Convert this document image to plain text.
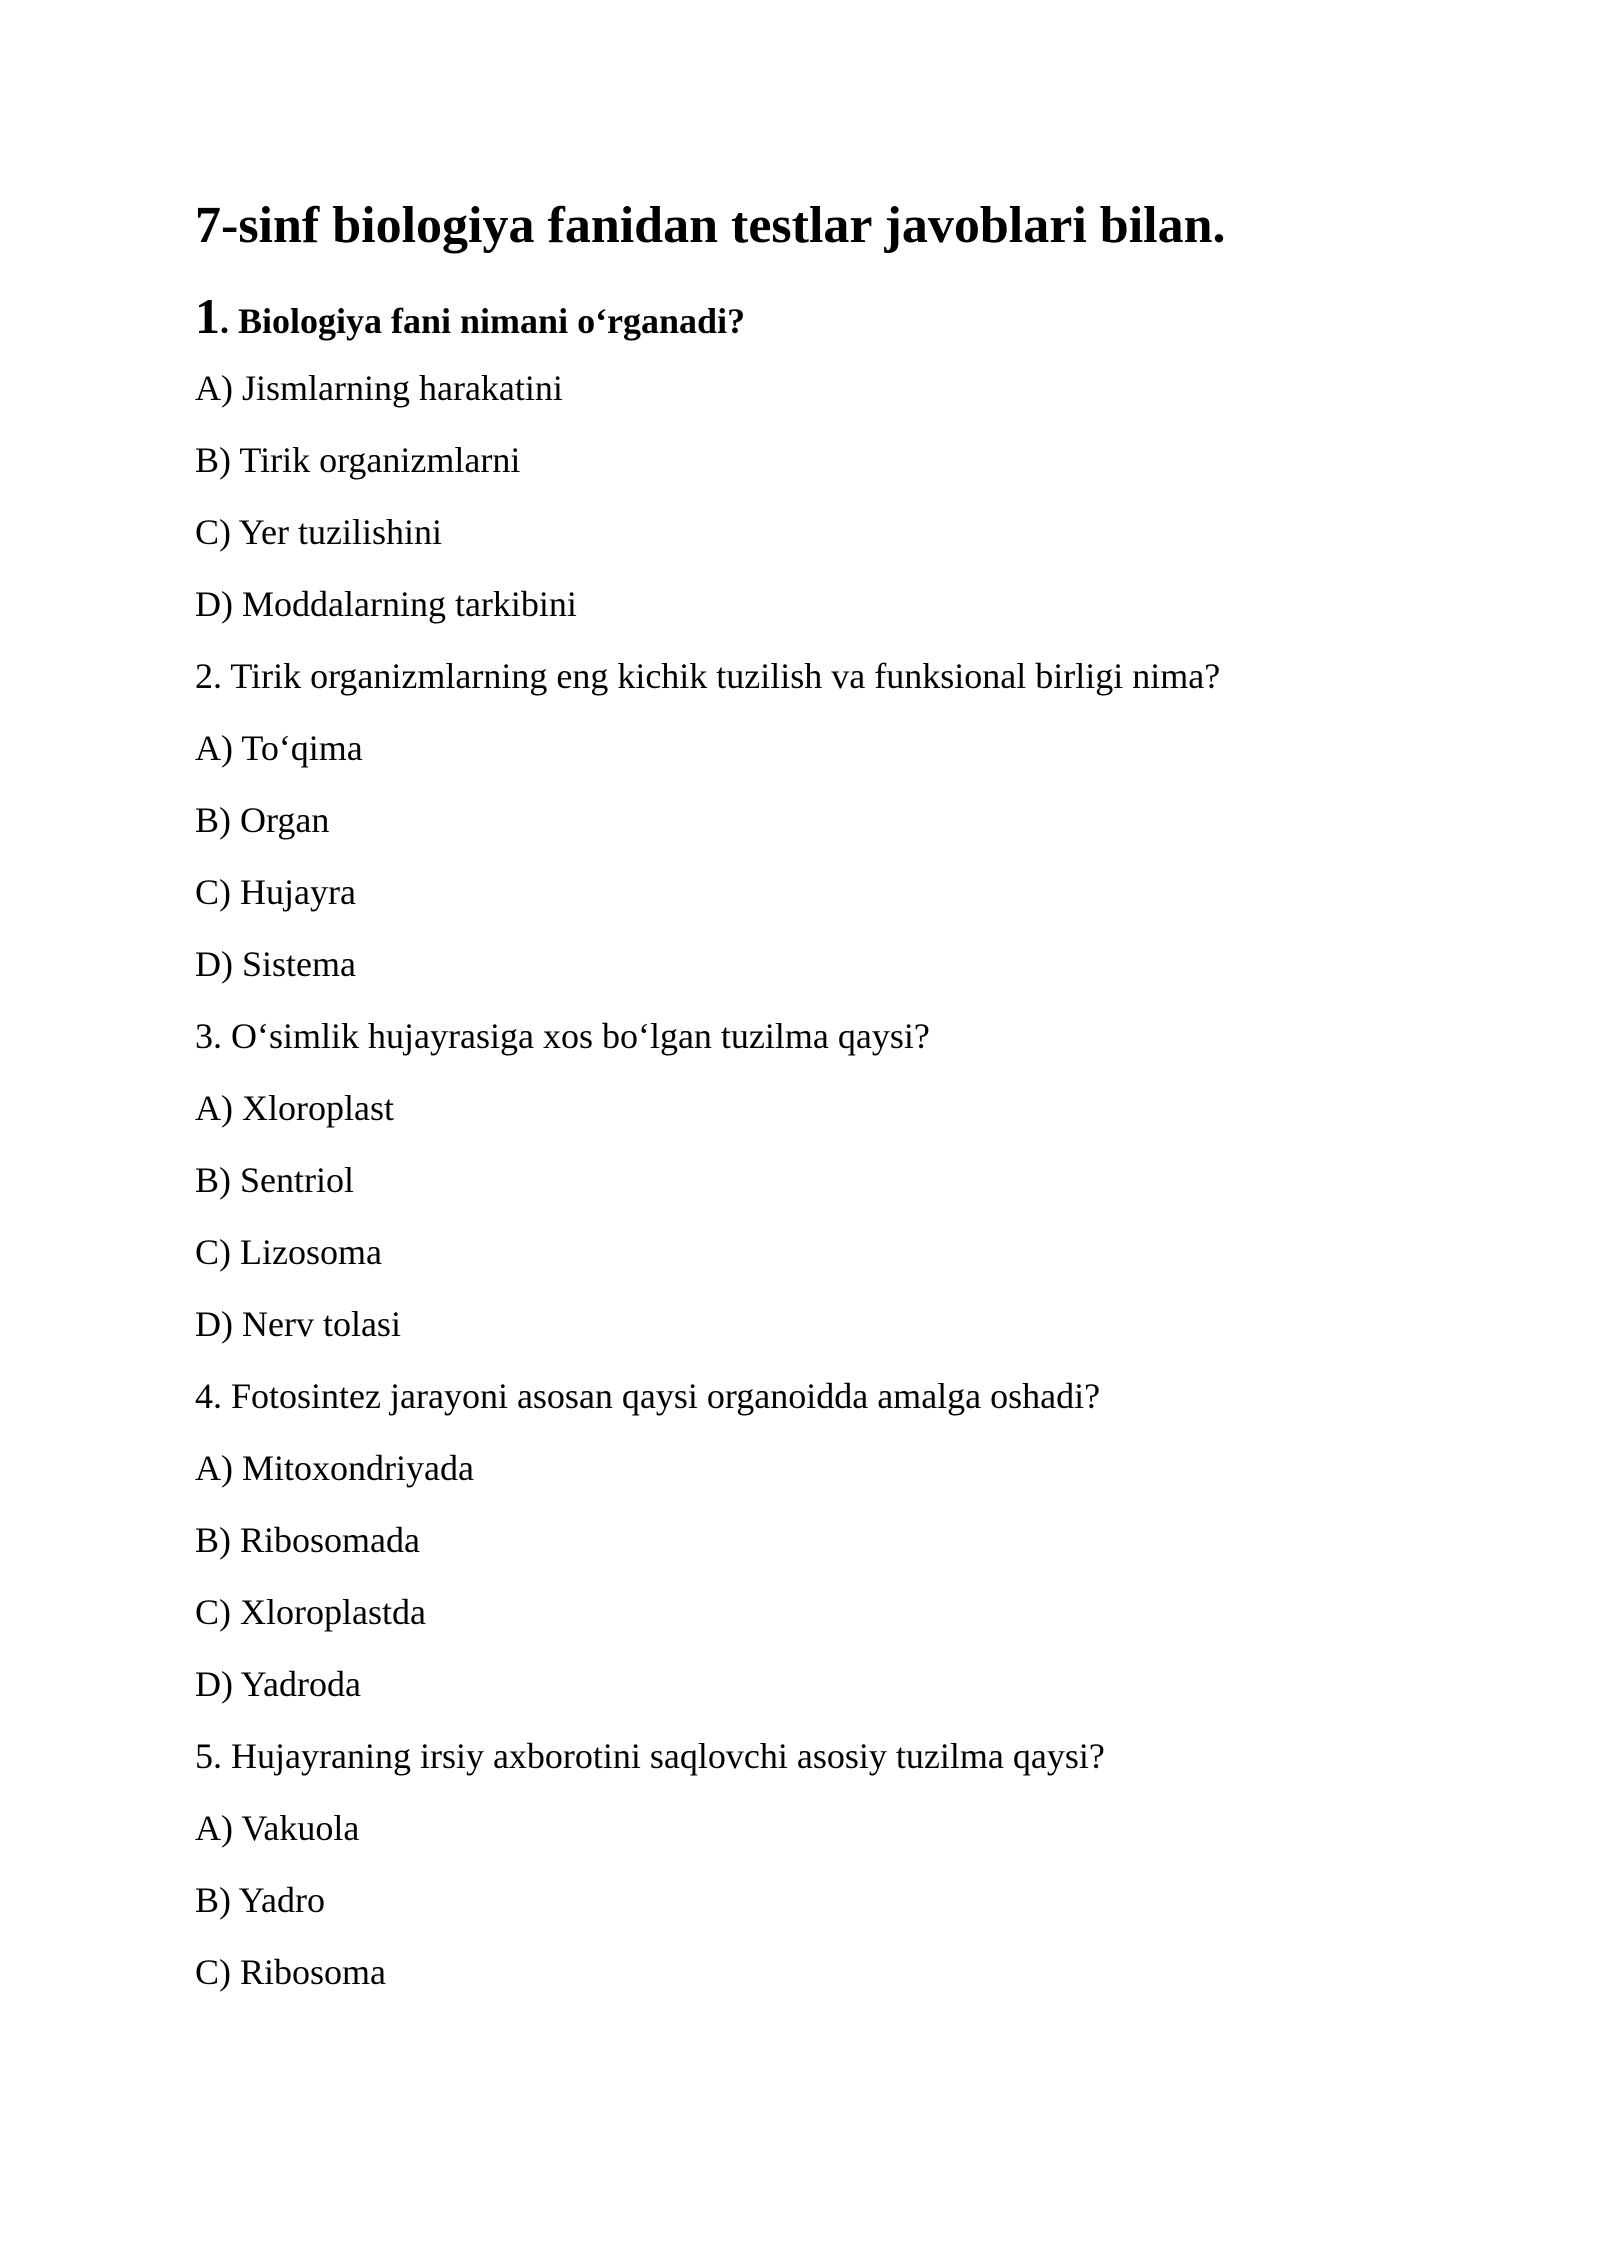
7-sinf biologiya fanidan testlar javoblari bilan.
1. Biologiya fani nimani o‘rganadi?
A) Jismlarning harakatini
B) Tirik organizmlarni
C) Yer tuzilishini
D) Moddalarning tarkibini
2. Tirik organizmlarning eng kichik tuzilish va funksional birligi nima?
A) To‘qima
B) Organ
C) Hujayra
D) Sistema
3. O‘simlik hujayrasiga xos bo‘lgan tuzilma qaysi?
A) Xloroplast
B) Sentriol
C) Lizosoma
D) Nerv tolasi
4. Fotosintez jarayoni asosan qaysi organoidda amalga oshadi?
A) Mitoxondriyada
B) Ribosomada
C) Xloroplastda
D) Yadroda
5. Hujayraning irsiy axborotini saqlovchi asosiy tuzilma qaysi?
A) Vakuola
B) Yadro
C) Ribosoma
